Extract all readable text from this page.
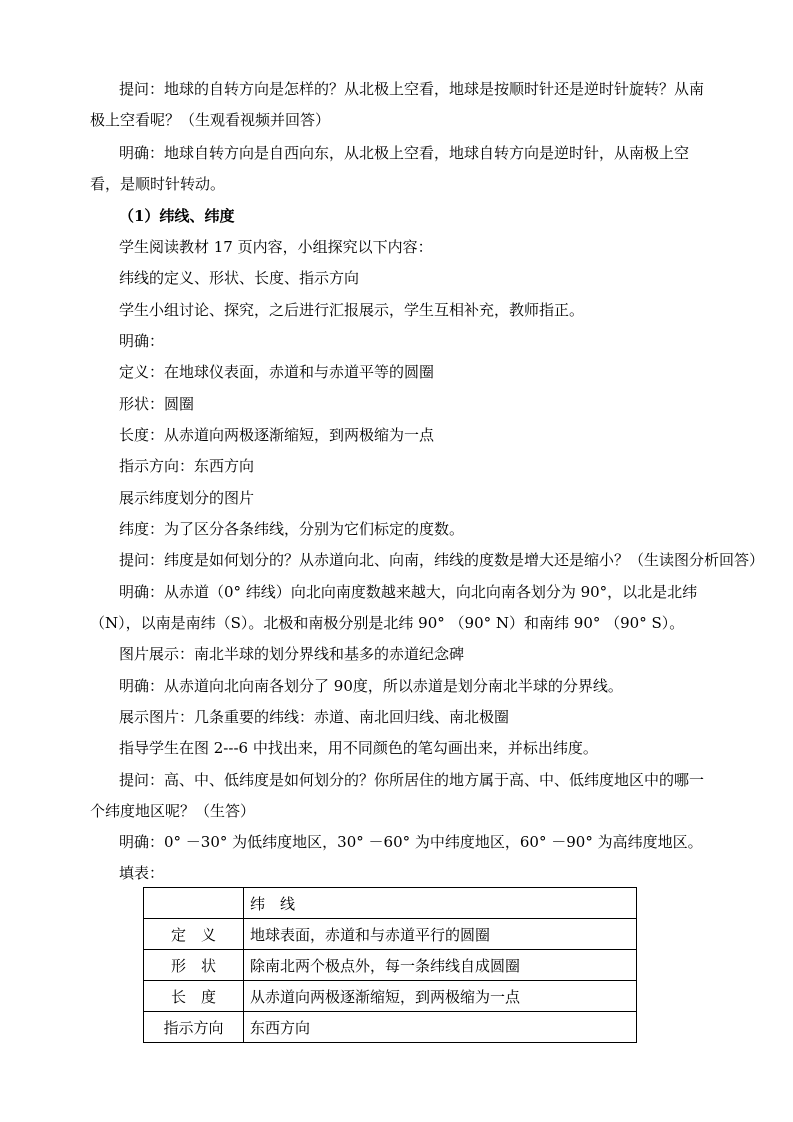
提问：地球的自转方向是怎样的？从北极上空看，地球是按顺时针还是逆时针旋转？从南极上空看呢？（生观看视频并回答）

明确：地球自转方向是自西向东，从北极上空看，地球自转方向是逆时针，从南极上空看，是顺时针转动。

（1）纬线、纬度

学生阅读教材 17 页内容，小组探究以下内容：

纬线的定义、形状、长度、指示方向

学生小组讨论、探究，之后进行汇报展示，学生互相补充，教师指正。

明确：

定义：在地球仪表面，赤道和与赤道平等的圆圈

形状：圆圈

长度：从赤道向两极逐渐缩短，到两极缩为一点

指示方向：东西方向

展示纬度划分的图片

纬度：为了区分各条纬线，分别为它们标定的度数。

提问：纬度是如何划分的？从赤道向北、向南，纬线的度数是增大还是缩小？（生读图分析回答）

明确：从赤道（0° 纬线）向北向南度数越来越大，向北向南各划分为 90°，以北是北纬（N），以南是南纬（S）。北极和南极分别是北纬 90° （90° N）和南纬 90° （90° S）。

图片展示：南北半球的划分界线和基多的赤道纪念碑

明确：从赤道向北向南各划分了 90度，所以赤道是划分南北半球的分界线。

展示图片：几条重要的纬线：赤道、南北回归线、南北极圈

指导学生在图 2---6 中找出来，用不同颜色的笔勾画出来，并标出纬度。

提问：高、中、低纬度是如何划分的？你所居住的地方属于高、中、低纬度地区中的哪一个纬度地区呢？（生答）

明确：0° －30° 为低纬度地区，30° －60° 为中纬度地区，60° －90° 为高纬度地区。

填表：

	纬　线
定　义	地球表面，赤道和与赤道平行的圆圈
形　状	除南北两个极点外，每一条纬线自成圆圈
长　度	从赤道向两极逐渐缩短，到两极缩为一点
指示方向	东西方向
